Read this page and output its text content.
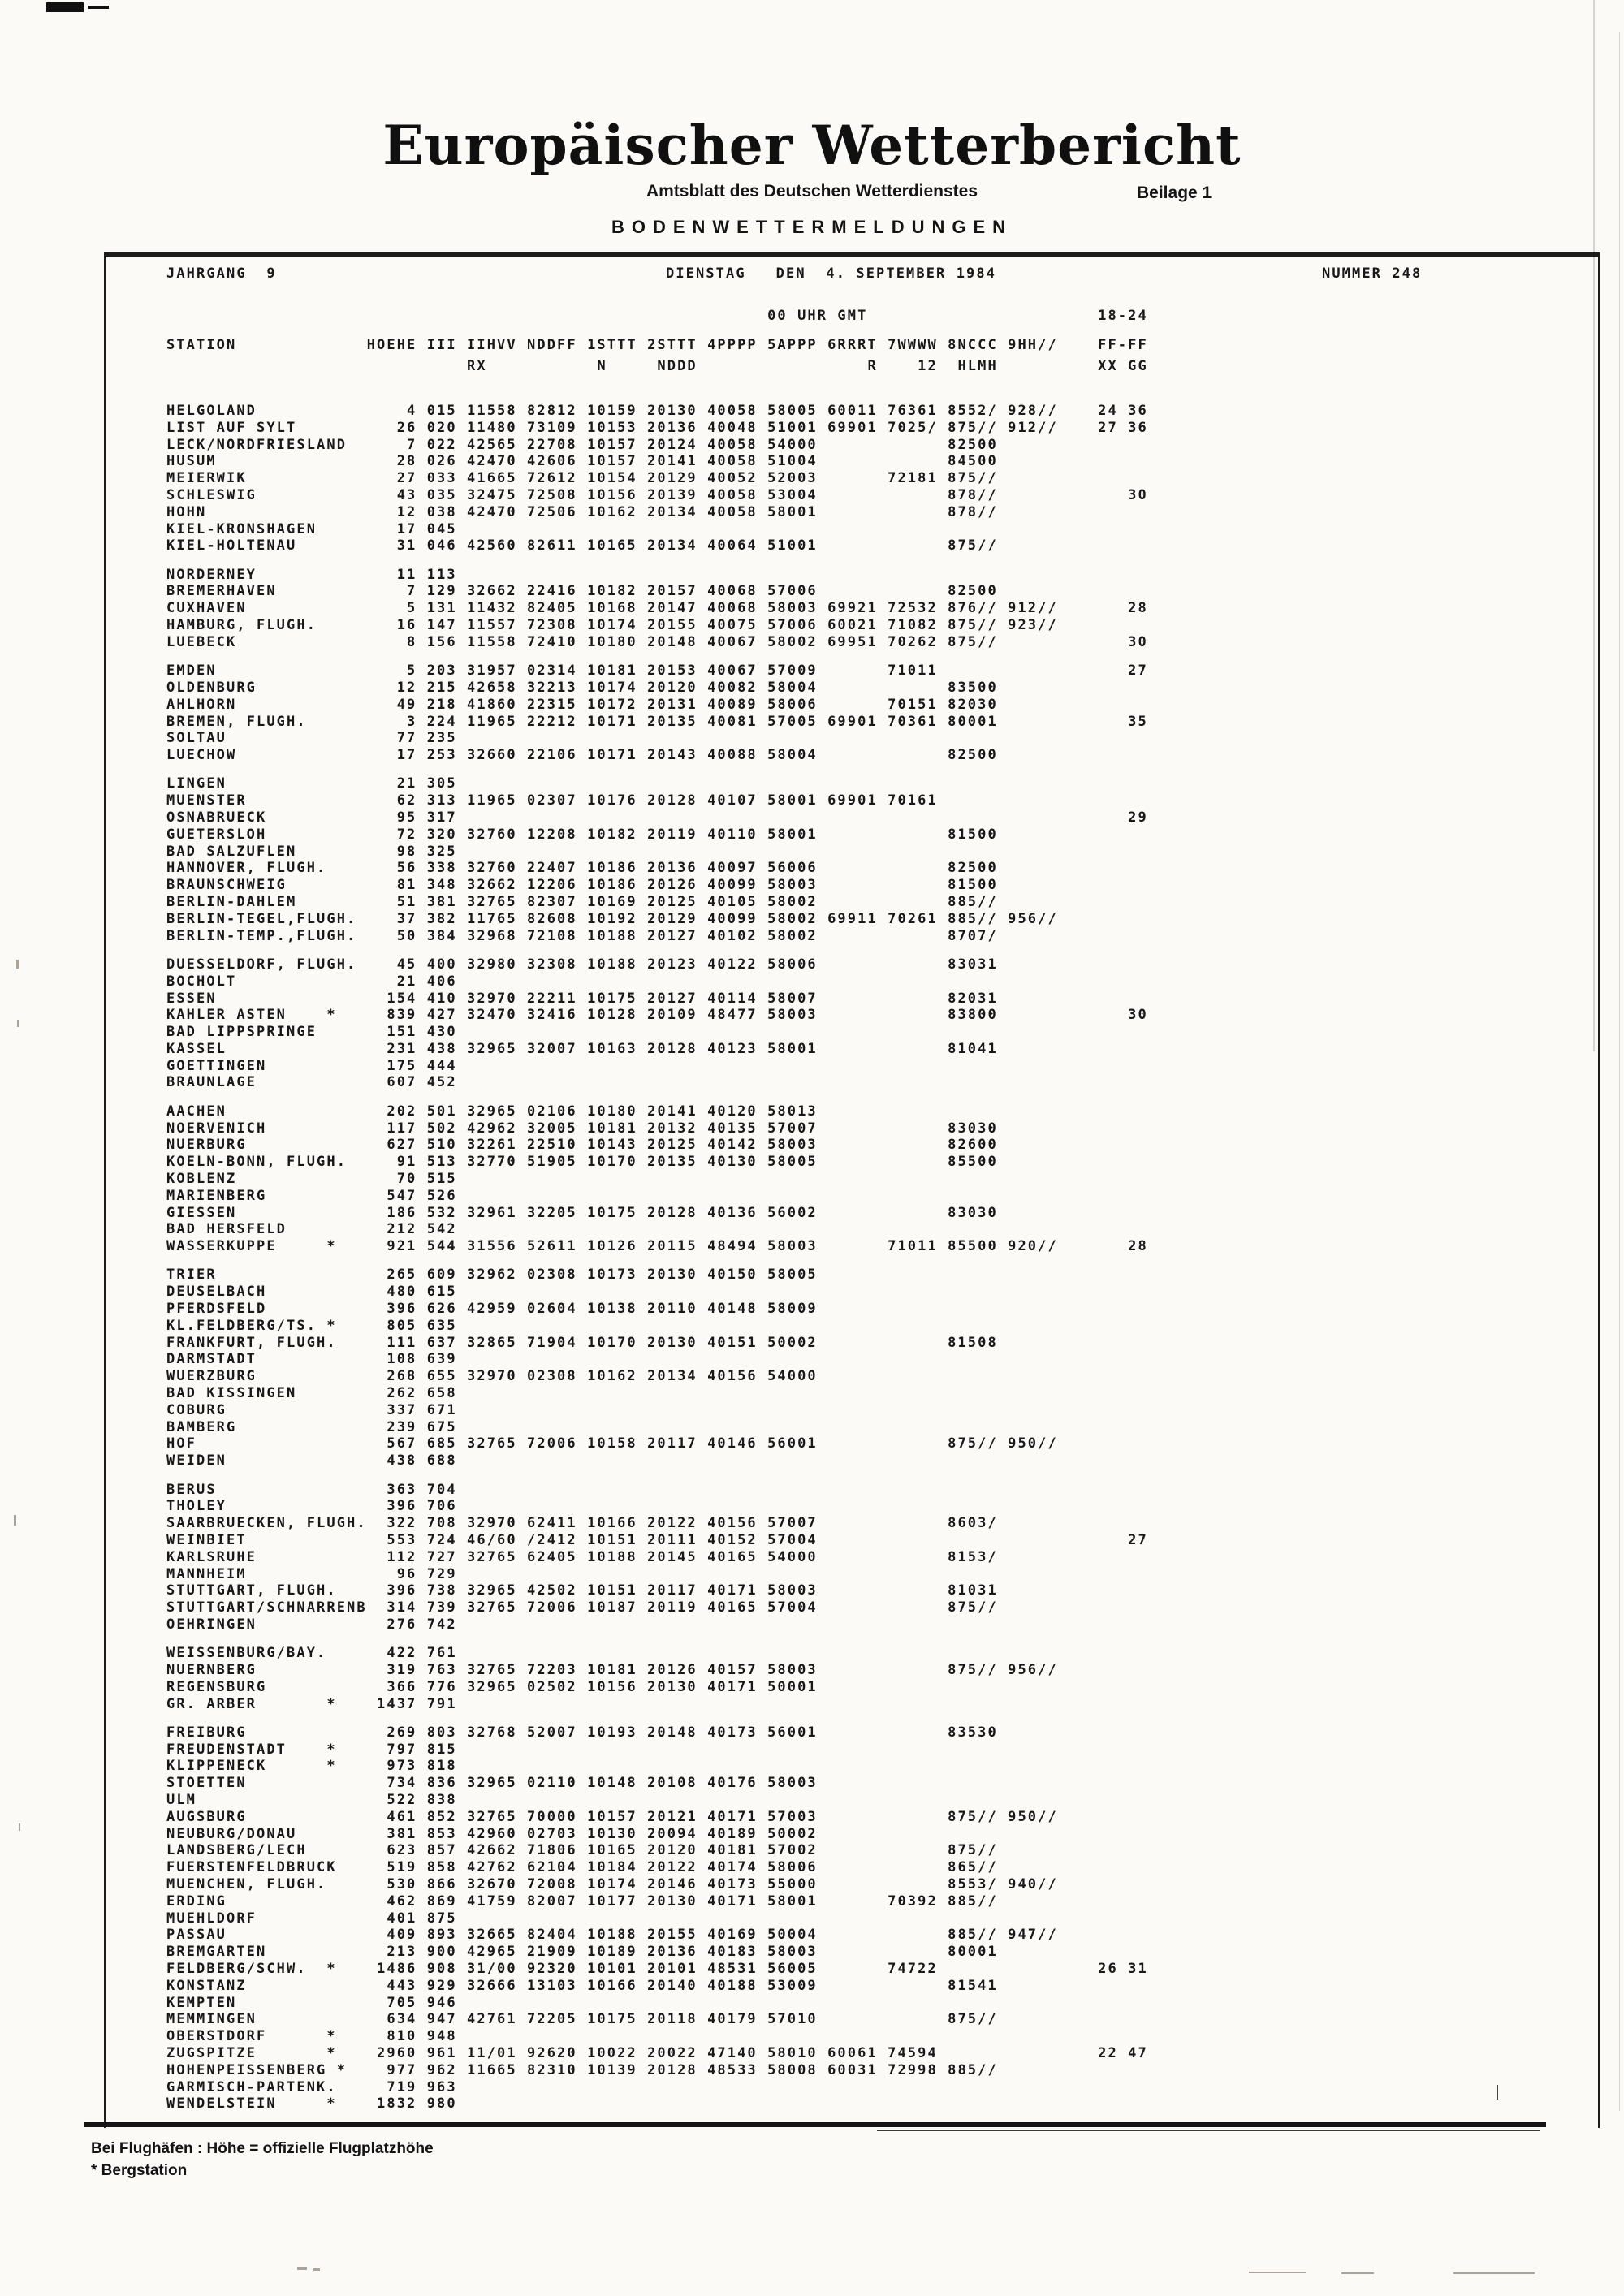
Europäischer Wetterbericht
Amtsblatt des Deutschen Wetterdienstes	Beilage 1
BODENWETTERMELDUNGEN
JAHRGANG  9	DIENSTAG   DEN  4. SEPTEMBER 1984	NUMMER 248
00 UHR GMT                       18-24
STATION             HOEHE III IIHVV NDDFF 1STTT 2STTT 4PPPP 5APPP 6RRRT 7WWWW 8NCCC 9HH//    FF-FF
RX           N     NDDD                 R    12  HLMH          XX GG
HELGOLAND               4 015 11558 82812 10159 20130 40058 58005 60011 76361 8552/ 928//    24 36
LIST AUF SYLT          26 020 11480 73109 10153 20136 40048 51001 69901 7025/ 875// 912//    27 36
LECK/NORDFRIESLAND      7 022 42565 22708 10157 20124 40058 54000             82500
HUSUM                  28 026 42470 42606 10157 20141 40058 51004             84500
MEIERWIK               27 033 41665 72612 10154 20129 40052 52003       72181 875//
SCHLESWIG              43 035 32475 72508 10156 20139 40058 53004             878//             30
HOHN                   12 038 42470 72506 10162 20134 40058 58001             878//
KIEL-KRONSHAGEN        17 045
KIEL-HOLTENAU          31 046 42560 82611 10165 20134 40064 51001             875//
NORDERNEY              11 113
BREMERHAVEN             7 129 32662 22416 10182 20157 40068 57006             82500
CUXHAVEN                5 131 11432 82405 10168 20147 40068 58003 69921 72532 876// 912//       28
HAMBURG, FLUGH.        16 147 11557 72308 10174 20155 40075 57006 60021 71082 875// 923//
LUEBECK                 8 156 11558 72410 10180 20148 40067 58002 69951 70262 875//             30
EMDEN                   5 203 31957 02314 10181 20153 40067 57009       71011                   27
OLDENBURG              12 215 42658 32213 10174 20120 40082 58004             83500
AHLHORN                49 218 41860 22315 10172 20131 40089 58006       70151 82030
BREMEN, FLUGH.          3 224 11965 22212 10171 20135 40081 57005 69901 70361 80001             35
SOLTAU                 77 235
LUECHOW                17 253 32660 22106 10171 20143 40088 58004             82500
LINGEN                 21 305
MUENSTER               62 313 11965 02307 10176 20128 40107 58001 69901 70161
OSNABRUECK             95 317                                                                   29
GUETERSLOH             72 320 32760 12208 10182 20119 40110 58001             81500
BAD SALZUFLEN          98 325
HANNOVER, FLUGH.       56 338 32760 22407 10186 20136 40097 56006             82500
BRAUNSCHWEIG           81 348 32662 12206 10186 20126 40099 58003             81500
BERLIN-DAHLEM          51 381 32765 82307 10169 20125 40105 58002             885//
BERLIN-TEGEL,FLUGH.    37 382 11765 82608 10192 20129 40099 58002 69911 70261 885// 956//
BERLIN-TEMP.,FLUGH.    50 384 32968 72108 10188 20127 40102 58002             8707/
DUESSELDORF, FLUGH.    45 400 32980 32308 10188 20123 40122 58006             83031
BOCHOLT                21 406
ESSEN                 154 410 32970 22211 10175 20127 40114 58007             82031
KAHLER ASTEN    *     839 427 32470 32416 10128 20109 48477 58003             83800             30
BAD LIPPSPRINGE       151 430
KASSEL                231 438 32965 32007 10163 20128 40123 58001             81041
GOETTINGEN            175 444
BRAUNLAGE             607 452
AACHEN                202 501 32965 02106 10180 20141 40120 58013
NOERVENICH            117 502 42962 32005 10181 20132 40135 57007             83030
NUERBURG              627 510 32261 22510 10143 20125 40142 58003             82600
KOELN-BONN, FLUGH.     91 513 32770 51905 10170 20135 40130 58005             85500
KOBLENZ                70 515
MARIENBERG            547 526
GIESSEN               186 532 32961 32205 10175 20128 40136 56002             83030
BAD HERSFELD          212 542
WASSERKUPPE     *     921 544 31556 52611 10126 20115 48494 58003       71011 85500 920//       28
TRIER                 265 609 32962 02308 10173 20130 40150 58005
DEUSELBACH            480 615
PFERDSFELD            396 626 42959 02604 10138 20110 40148 58009
KL.FELDBERG/TS. *     805 635
FRANKFURT, FLUGH.     111 637 32865 71904 10170 20130 40151 50002             81508
DARMSTADT             108 639
WUERZBURG             268 655 32970 02308 10162 20134 40156 54000
BAD KISSINGEN         262 658
COBURG                337 671
BAMBERG               239 675
HOF                   567 685 32765 72006 10158 20117 40146 56001             875// 950//
WEIDEN                438 688
BERUS                 363 704
THOLEY                396 706
SAARBRUECKEN, FLUGH.  322 708 32970 62411 10166 20122 40156 57007             8603/
WEINBIET              553 724 46/60 /2412 10151 20111 40152 57004                               27
KARLSRUHE             112 727 32765 62405 10188 20145 40165 54000             8153/
MANNHEIM               96 729
STUTTGART, FLUGH.     396 738 32965 42502 10151 20117 40171 58003             81031
STUTTGART/SCHNARRENB  314 739 32765 72006 10187 20119 40165 57004             875//
OEHRINGEN             276 742
WEISSENBURG/BAY.      422 761
NUERNBERG             319 763 32765 72203 10181 20126 40157 58003             875// 956//
REGENSBURG            366 776 32965 02502 10156 20130 40171 50001
GR. ARBER       *    1437 791
FREIBURG              269 803 32768 52007 10193 20148 40173 56001             83530
FREUDENSTADT    *     797 815
KLIPPENECK      *     973 818
STOETTEN              734 836 32965 02110 10148 20108 40176 58003
ULM                   522 838
AUGSBURG              461 852 32765 70000 10157 20121 40171 57003             875// 950//
NEUBURG/DONAU         381 853 42960 02703 10130 20094 40189 50002
LANDSBERG/LECH        623 857 42662 71806 10165 20120 40181 57002             875//
FUERSTENFELDBRUCK     519 858 42762 62104 10184 20122 40174 58006             865//
MUENCHEN, FLUGH.      530 866 32670 72008 10174 20146 40173 55000             8553/ 940//
ERDING                462 869 41759 82007 10177 20130 40171 58001       70392 885//
MUEHLDORF             401 875
PASSAU                409 893 32665 82404 10188 20155 40169 50004             885// 947//
BREMGARTEN            213 900 42965 21909 10189 20136 40183 58003             80001
FELDBERG/SCHW.  *    1486 908 31/00 92320 10101 20101 48531 56005       74722                26 31
KONSTANZ              443 929 32666 13103 10166 20140 40188 53009             81541
KEMPTEN               705 946
MEMMINGEN             634 947 42761 72205 10175 20118 40179 57010             875//
OBERSTDORF      *     810 948
ZUGSPITZE       *    2960 961 11/01 92620 10022 20022 47140 58010 60061 74594                22 47
HOHENPEISSENBERG *    977 962 11665 82310 10139 20128 48533 58008 60031 72998 885//
GARMISCH-PARTENK.     719 963
WENDELSTEIN     *    1832 980
Bei Flughäfen : Höhe = offizielle Flugplatzhöhe
* Bergstation
